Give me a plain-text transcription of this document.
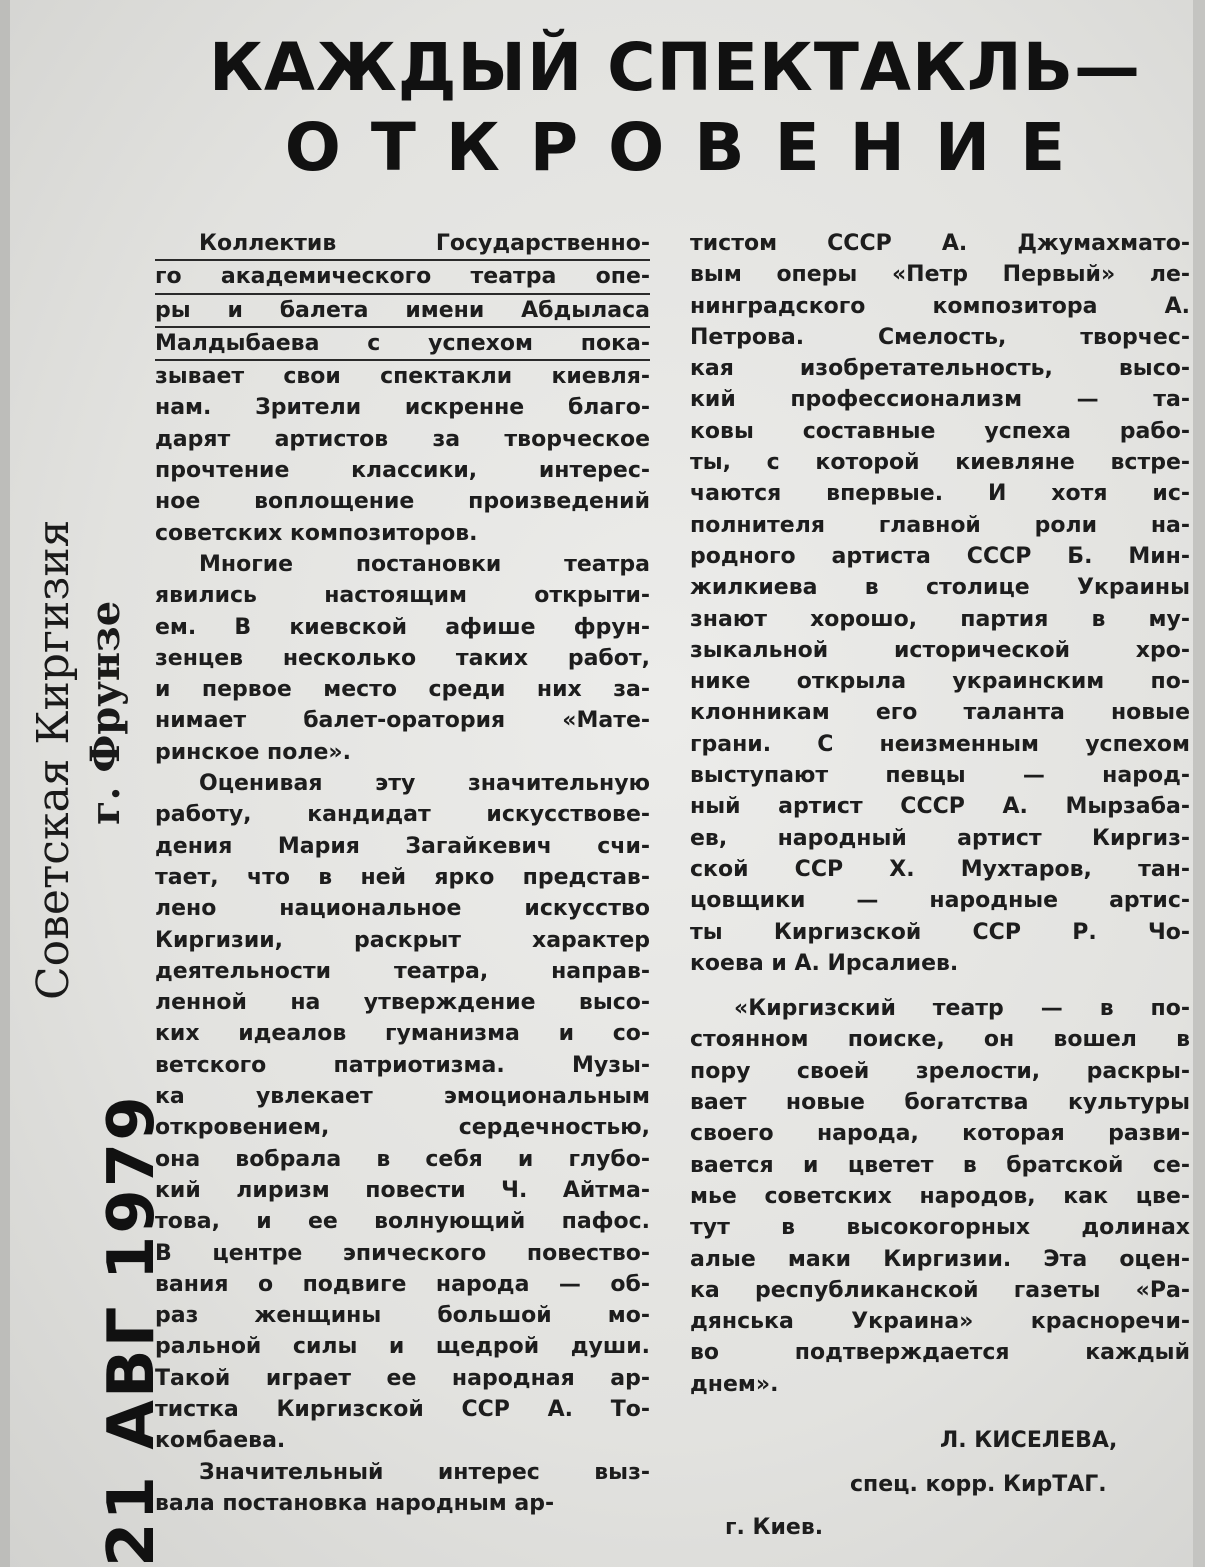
КАЖДЫЙ СПЕКТАКЛЬ—
ОТКРОВЕНИЕ
Советская Киргизия г. Фрунзе
21 АВГ 1979
Коллектив Государственно-
го академического театра опе-
ры и балета имени Абдыласа
Малдыбаева с успехом пока-
зывает свои спектакли киевля-
нам. Зрители искренне благо-
дарят артистов за творческое
прочтение классики, интерес-
ное воплощение произведений
советских композиторов.
Многие постановки театра
явились настоящим открыти-
ем. В киевской афише фрун-
зенцев несколько таких работ,
и первое место среди них за-
нимает балет-оратория «Мате-
ринское поле».
Оценивая эту значительную
работу, кандидат искусствове-
дения Мария Загайкевич счи-
тает, что в ней ярко представ-
лено национальное искусство
Киргизии, раскрыт характер
деятельности театра, направ-
ленной на утверждение высо-
ких идеалов гуманизма и со-
ветского патриотизма. Музы-
ка увлекает эмоциональным
откровением, сердечностью,
она вобрала в себя и глубо-
кий лиризм повести Ч. Айтма-
това, и ее волнующий пафос.
В центре эпического повество-
вания о подвиге народа — об-
раз женщины большой мо-
ральной силы и щедрой души.
Такой играет ее народная ар-
тистка Киргизской ССР А. То-
комбаева.
Значительный интерес выз-
вала постановка народным ар-
тистом СССР А. Джумахмато-
вым оперы «Петр Первый» ле-
нинградского композитора А.
Петрова. Смелость, творчес-
кая изобретательность, высо-
кий профессионализм — та-
ковы составные успеха рабо-
ты, с которой киевляне встре-
чаются впервые. И хотя ис-
полнителя главной роли на-
родного артиста СССР Б. Мин-
жилкиева в столице Украины
знают хорошо, партия в му-
зыкальной исторической хро-
нике открыла украинским по-
клонникам его таланта новые
грани. С неизменным успехом
выступают певцы — народ-
ный артист СССР А. Мырзаба-
ев, народный артист Киргиз-
ской ССР Х. Мухтаров, тан-
цовщики — народные артис-
ты Киргизской ССР Р. Чо-
коева и А. Ирсалиев.
«Киргизский театр — в по-
стоянном поиске, он вошел в
пору своей зрелости, раскры-
вает новые богатства культуры
своего народа, которая разви-
вается и цветет в братской се-
мье советских народов, как цве-
тут в высокогорных долинах
алые маки Киргизии. Эта оцен-
ка республиканской газеты «Ра-
дянська Украина» красноречи-
во подтверждается каждый
днем».
Л. КИСЕЛЕВА,
спец. корр. КирТАГ.
г. Киев.
